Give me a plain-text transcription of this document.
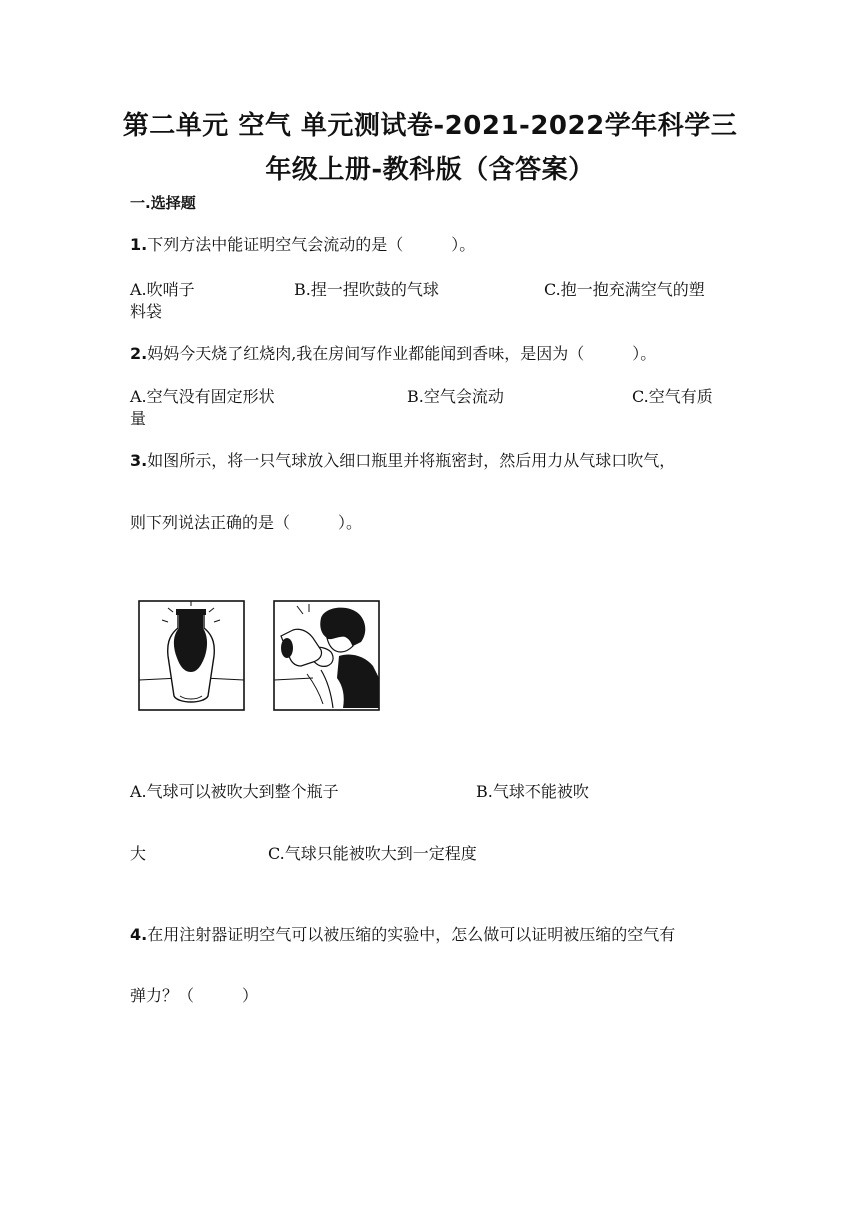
第二单元 空气 单元测试卷-2021-2022学年科学三
年级上册-教科版（含答案）
一.选择题
1.下列方法中能证明空气会流动的是（　　　）。
A.吹哨子	B.捏一捏吹鼓的气球	C.抱一抱充满空气的塑
料袋
2.妈妈今天烧了红烧肉,我在房间写作业都能闻到香味，是因为（　　　）。
A.空气没有固定形状	B.空气会流动	C.空气有质
量
3.如图所示，将一只气球放入细口瓶里并将瓶密封，然后用力从气球口吹气，
则下列说法正确的是（　　　）。
A.气球可以被吹大到整个瓶子	B.气球不能被吹
大	C.气球只能被吹大到一定程度
4.在用注射器证明空气可以被压缩的实验中，怎么做可以证明被压缩的空气有
弹力？（　　　）
